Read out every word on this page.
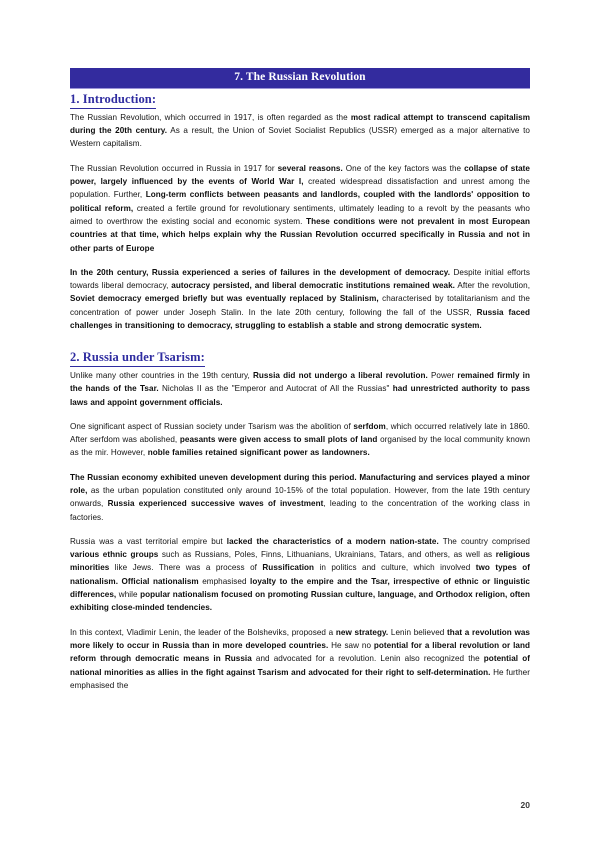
7. The Russian Revolution
1. Introduction:

The Russian Revolution, which occurred in 1917, is often regarded as the most radical attempt to transcend capitalism during the 20th century. As a result, the Union of Soviet Socialist Republics (USSR) emerged as a major alternative to Western capitalism.

The Russian Revolution occurred in Russia in 1917 for several reasons. One of the key factors was the collapse of state power, largely influenced by the events of World War I, created widespread dissatisfaction and unrest among the population. Further, Long-term conflicts between peasants and landlords, coupled with the landlords' opposition to political reform, created a fertile ground for revolutionary sentiments, ultimately leading to a revolt by the peasants who aimed to overthrow the existing social and economic system. These conditions were not prevalent in most European countries at that time, which helps explain why the Russian Revolution occurred specifically in Russia and not in other parts of Europe

In the 20th century, Russia experienced a series of failures in the development of democracy. Despite initial efforts towards liberal democracy, autocracy persisted, and liberal democratic institutions remained weak. After the revolution, Soviet democracy emerged briefly but was eventually replaced by Stalinism, characterised by totalitarianism and the concentration of power under Joseph Stalin. In the late 20th century, following the fall of the USSR, Russia faced challenges in transitioning to democracy, struggling to establish a stable and strong democratic system.

2. Russia under Tsarism:

Unlike many other countries in the 19th century, Russia did not undergo a liberal revolution. Power remained firmly in the hands of the Tsar. Nicholas II as the "Emperor and Autocrat of All the Russias" had unrestricted authority to pass laws and appoint government officials.

One significant aspect of Russian society under Tsarism was the abolition of serfdom, which occurred relatively late in 1860. After serfdom was abolished, peasants were given access to small plots of land organised by the local community known as the mir. However, noble families retained significant power as landowners.

The Russian economy exhibited uneven development during this period. Manufacturing and services played a minor role, as the urban population constituted only around 10-15% of the total population. However, from the late 19th century onwards, Russia experienced successive waves of investment, leading to the concentration of the working class in factories.

Russia was a vast territorial empire but lacked the characteristics of a modern nation-state. The country comprised various ethnic groups such as Russians, Poles, Finns, Lithuanians, Ukrainians, Tatars, and others, as well as religious minorities like Jews. There was a process of Russification in politics and culture, which involved two types of nationalism. Official nationalism emphasised loyalty to the empire and the Tsar, irrespective of ethnic or linguistic differences, while popular nationalism focused on promoting Russian culture, language, and Orthodox religion, often exhibiting close-minded tendencies.

In this context, Vladimir Lenin, the leader of the Bolsheviks, proposed a new strategy. Lenin believed that a revolution was more likely to occur in Russia than in more developed countries. He saw no potential for a liberal revolution or land reform through democratic means in Russia and advocated for a revolution. Lenin also recognized the potential of national minorities as allies in the fight against Tsarism and advocated for their right to self-determination. He further emphasised the

20
